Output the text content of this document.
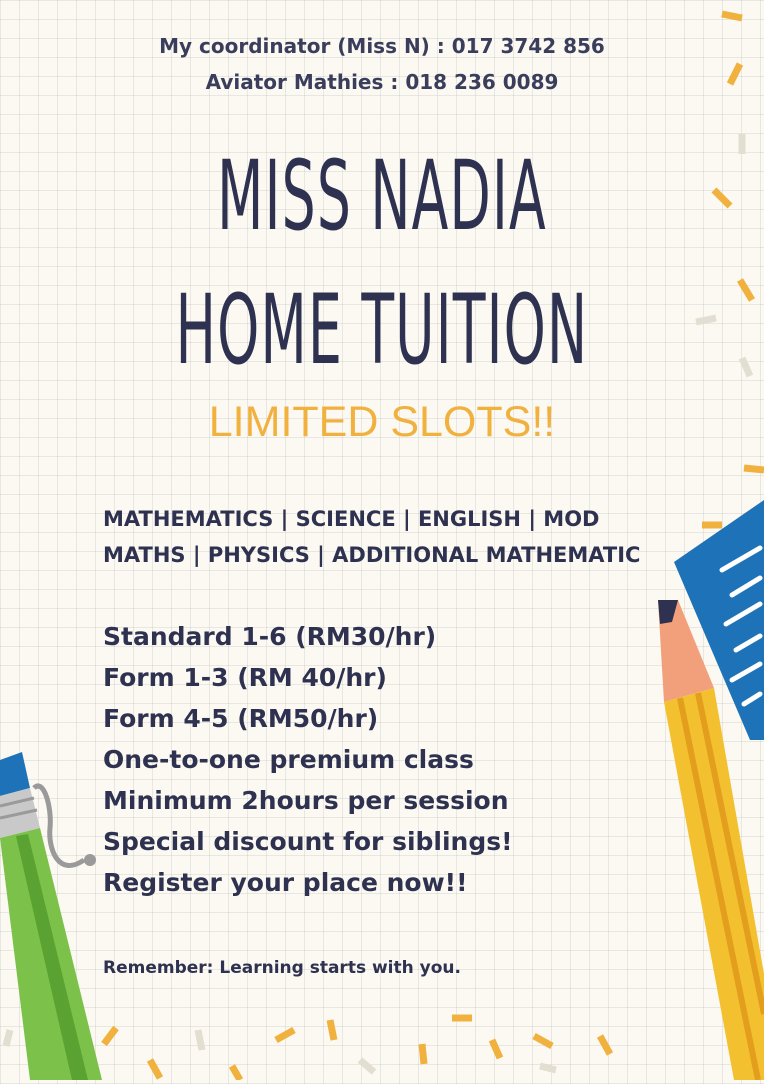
My coordinator (Miss N) : 017 3742 856
Aviator Mathies : 018 236 0089
MISS NADIA
HOME TUITION
LIMITED SLOTS!!
MATHEMATICS | SCIENCE | ENGLISH | MOD
MATHS | PHYSICS | ADDITIONAL MATHEMATIC
Standard 1-6 (RM30/hr)
Form 1-3 (RM 40/hr)
Form 4-5 (RM50/hr)
One-to-one premium class
Minimum 2hours per session
Special discount for siblings!
Register your place now!!
Remember: Learning starts with you.
